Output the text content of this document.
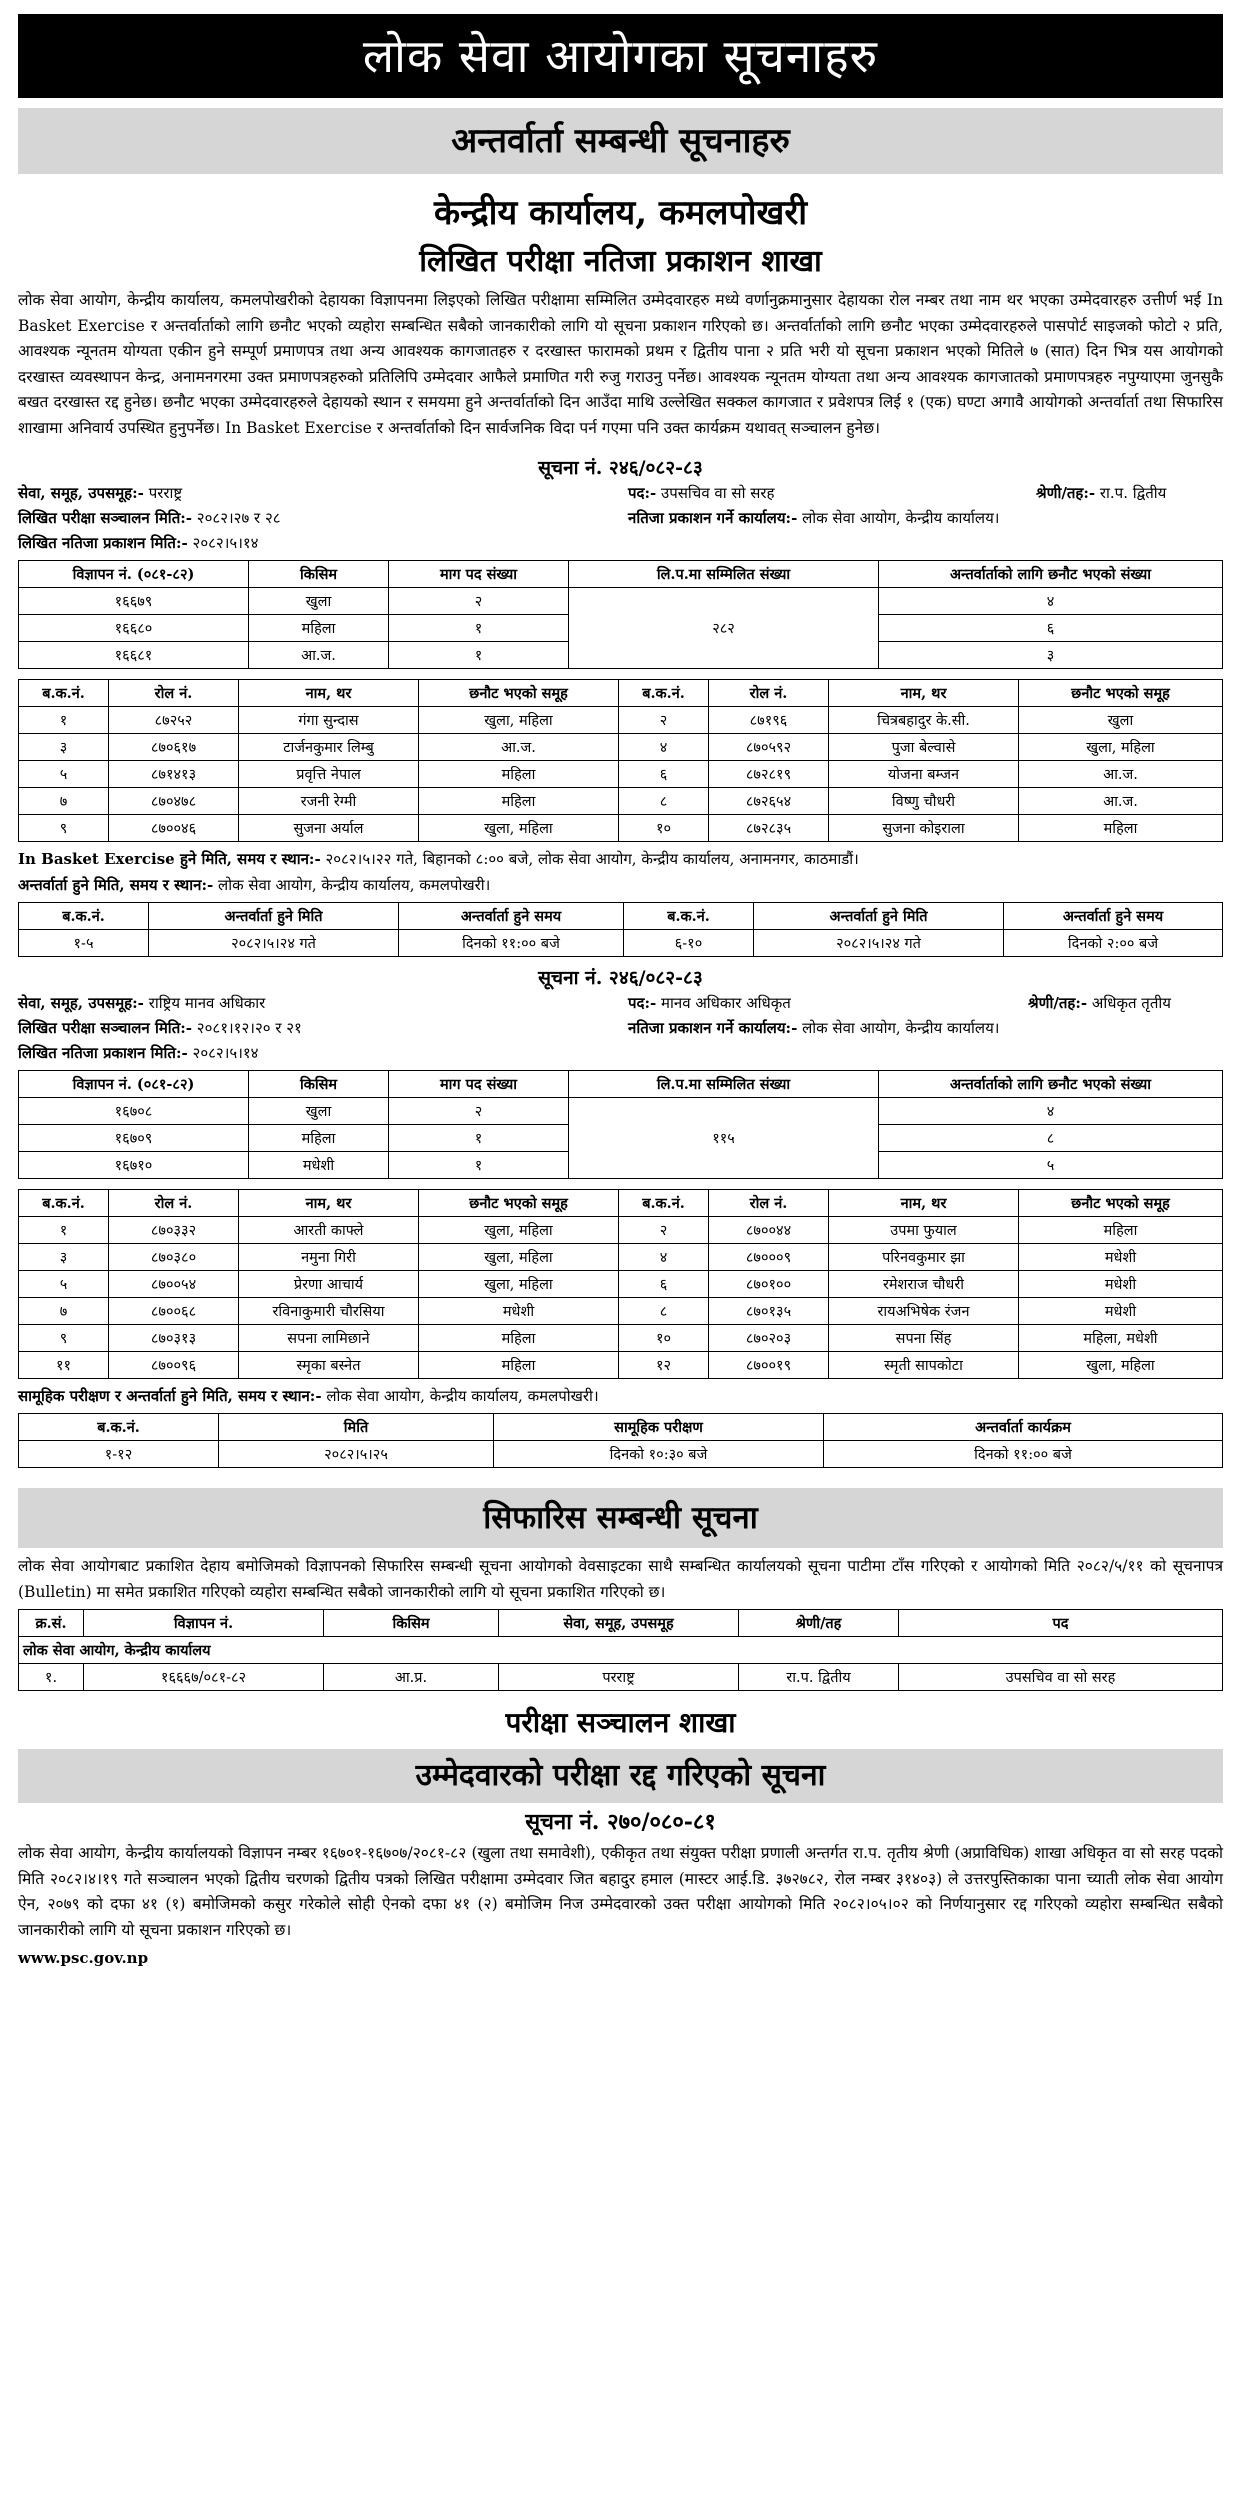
लोक सेवा आयोगका सूचनाहरु
अन्तर्वार्ता सम्बन्धी सूचनाहरु
केन्द्रीय कार्यालय, कमलपोखरी
लिखित परीक्षा नतिजा प्रकाशन शाखा

लोक सेवा आयोग, केन्द्रीय कार्यालय, कमलपोखरीको देहायका विज्ञापनमा लिइएको लिखित परीक्षामा सम्मिलित उम्मेदवारहरु मध्ये वर्णानुक्रमानुसार देहायका रोल नम्बर तथा नाम थर भएका उम्मेदवारहरु उत्तीर्ण भई In Basket Exercise र अन्तर्वार्ताको लागि छनौट भएको व्यहोरा सम्बन्धित सबैको जानकारीको लागि यो सूचना प्रकाशन गरिएको छ। अन्तर्वार्ताको लागि छनौट भएका उम्मेदवारहरुले पासपोर्ट साइजको फोटो २ प्रति, आवश्यक न्यूनतम योग्यता एकीन हुने सम्पूर्ण प्रमाणपत्र तथा अन्य आवश्यक कागजातहरु र दरखास्त फारामको प्रथम र द्वितीय पाना २ प्रति भरी यो सूचना प्रकाशन भएको मितिले ७ (सात) दिन भित्र यस आयोगको दरखास्त व्यवस्थापन केन्द्र, अनामनगरमा उक्त प्रमाणपत्रहरुको प्रतिलिपि उम्मेदवार आफैले प्रमाणित गरी रुजु गराउनु पर्नेछ। आवश्यक न्यूनतम योग्यता तथा अन्य आवश्यक कागजातको प्रमाणपत्रहरु नपुग्याएमा जुनसुकै बखत दरखास्त रद्द हुनेछ। छनौट भएका उम्मेदवारहरुले देहायको स्थान र समयमा हुने अन्तर्वार्ताको दिन आउँदा माथि उल्लेखित सक्कल कागजात र प्रवेशपत्र लिई १ (एक) घण्टा अगावै आयोगको अन्तर्वार्ता तथा सिफारिस शाखामा अनिवार्य उपस्थित हुनुपर्नेछ। In Basket Exercise र अन्तर्वार्ताको दिन सार्वजनिक विदा पर्न गएमा पनि उक्त कार्यक्रम यथावत् सञ्चालन हुनेछ।

सूचना नं. २४६/०८२-८३
सेवा, समूह, उपसमूह:- परराष्ट्र	पद:- उपसचिव वा सो सरह	श्रेणी/तह:- रा.प. द्वितीय
लिखित परीक्षा सञ्चालन मिति:- २०८२।२७ र २८	नतिजा प्रकाशन गर्ने कार्यालय:- लोक सेवा आयोग, केन्द्रीय कार्यालय।
लिखित नतिजा प्रकाशन मिति:- २०८२।५।१४
विज्ञापन नं. (०८१-८२)	किसिम	माग पद संख्या	लि.प.मा सम्मिलित संख्या	अन्तर्वार्ताको लागि छनौट भएको संख्या
१६६७९	खुला	२	२८२	४
१६६८०	महिला	१		६
१६६८१	आ.ज.	१		३
ब.क.नं.	रोल नं.	नाम, थर	छनौट भएको समूह	ब.क.नं.	रोल नं.	नाम, थर	छनौट भएको समूह
१	८७२५२	गंगा सुन्दास	खुला, महिला	२	८७१९६	चित्रबहादुर के.सी.	खुला
३	८७०६१७	टार्जनकुमार लिम्बु	आ.ज.	४	८७०५९२	पुजा बेल्वासे	खुला, महिला
५	८७१४१३	प्रवृत्ति नेपाल	महिला	६	८७२८१९	योजना बम्जन	आ.ज.
७	८७०४७८	रजनी रेग्मी	महिला	८	८७२६५४	विष्णु चौधरी	आ.ज.
९	८७००४६	सुजना अर्याल	खुला, महिला	१०	८७२८३५	सुजना कोइराला	महिला
In Basket Exercise हुने मिति, समय र स्थान:- २०८२।५।२२ गते, बिहानको ८:०० बजे, लोक सेवा आयोग, केन्द्रीय कार्यालय, अनामनगर, काठमाडौं।
अन्तर्वार्ता हुने मिति, समय र स्थान:- लोक सेवा आयोग, केन्द्रीय कार्यालय, कमलपोखरी।
ब.क.नं.	अन्तर्वार्ता हुने मिति	अन्तर्वार्ता हुने समय	ब.क.नं.	अन्तर्वार्ता हुने मिति	अन्तर्वार्ता हुने समय
१-५	२०८२।५।२४ गते	दिनको ११:०० बजे	६-१०	२०८२।५।२४ गते	दिनको २:०० बजे
सूचना नं. २४६/०८२-८३
सेवा, समूह, उपसमूह:- राष्ट्रिय मानव अधिकार	पद:- मानव अधिकार अधिकृत	श्रेणी/तह:- अधिकृत तृतीय
लिखित परीक्षा सञ्चालन मिति:- २०८१।१२।२० र २१	नतिजा प्रकाशन गर्ने कार्यालय:- लोक सेवा आयोग, केन्द्रीय कार्यालय।
लिखित नतिजा प्रकाशन मिति:- २०८२।५।१४
विज्ञापन नं. (०८१-८२)	किसिम	माग पद संख्या	लि.प.मा सम्मिलित संख्या	अन्तर्वार्ताको लागि छनौट भएको संख्या
१६७०८	खुला	२	११५	४
१६७०९	महिला	१		८
१६७१०	मधेशी	१		५
ब.क.नं.	रोल नं.	नाम, थर	छनौट भएको समूह	ब.क.नं.	रोल नं.	नाम, थर	छनौट भएको समूह
१	८७०३३२	आरती काफ्ले	खुला, महिला	२	८७००४४	उपमा फुयाल	महिला
३	८७०३८०	नमुना गिरी	खुला, महिला	४	८७०००९	परिनवकुमार झा	मधेशी
५	८७००५४	प्रेरणा आचार्य	खुला, महिला	६	८७०१००	रमेशराज चौधरी	मधेशी
७	८७००६८	रविनाकुमारी चौरसिया	मधेशी	८	८७०१३५	रायअभिषेक रंजन	मधेशी
९	८७०३१३	सपना लामिछाने	महिला	१०	८७०२०३	सपना सिंह	महिला, मधेशी
११	८७००९६	स्मृका बस्नेत	महिला	१२	८७००१९	स्मृती सापकोटा	खुला, महिला
सामूहिक परीक्षण र अन्तर्वार्ता हुने मिति, समय र स्थान:- लोक सेवा आयोग, केन्द्रीय कार्यालय, कमलपोखरी।
ब.क.नं.	मिति	सामूहिक परीक्षण	अन्तर्वार्ता कार्यक्रम
१-१२	२०८२।५।२५	दिनको १०:३० बजे	दिनको ११:०० बजे
सिफारिस सम्बन्धी सूचना

लोक सेवा आयोगबाट प्रकाशित देहाय बमोजिमको विज्ञापनको सिफारिस सम्बन्धी सूचना आयोगको वेवसाइटका साथै सम्बन्धित कार्यालयको सूचना पाटीमा टाँस गरिएको र आयोगको मिति २०८२/५/११ को सूचनापत्र (Bulletin) मा समेत प्रकाशित गरिएको व्यहोरा सम्बन्धित सबैको जानकारीको लागि यो सूचना प्रकाशित गरिएको छ।

क्र.सं.	विज्ञापन नं.	किसिम	सेवा, समूह, उपसमूह	श्रेणी/तह	पद
लोक सेवा आयोग, केन्द्रीय कार्यालय					
१.	१६६६७/०८१-८२	आ.प्र.	परराष्ट्र	रा.प. द्वितीय	उपसचिव वा सो सरह
परीक्षा सञ्चालन शाखा
उम्मेदवारको परीक्षा रद्द गरिएको सूचना
सूचना नं. २७०/०८०-८१

लोक सेवा आयोग, केन्द्रीय कार्यालयको विज्ञापन नम्बर १६७०१-१६७०७/२०८१-८२ (खुला तथा समावेशी), एकीकृत तथा संयुक्त परीक्षा प्रणाली अन्तर्गत रा.प. तृतीय श्रेणी (अप्राविधिक) शाखा अधिकृत वा सो सरह पदको मिति २०८२।४।१९ गते सञ्चालन भएको द्वितीय चरणको द्वितीय पत्रको लिखित परीक्षामा उम्मेदवार जित बहादुर हमाल (मास्टर आई.डि. ३७२७८२, रोल नम्बर ३१४०३) ले उत्तरपुस्तिकाका पाना च्याती लोक सेवा आयोग ऐन, २०७९ को दफा ४१ (१) बमोजिमको कसुर गरेकोले सोही ऐनको दफा ४१ (२) बमोजिम निज उम्मेदवारको उक्त परीक्षा आयोगको मिति २०८२।०५।०२ को निर्णयानुसार रद्द गरिएको व्यहोरा सम्बन्धित सबैको जानकारीको लागि यो सूचना प्रकाशन गरिएको छ।

www.psc.gov.np
